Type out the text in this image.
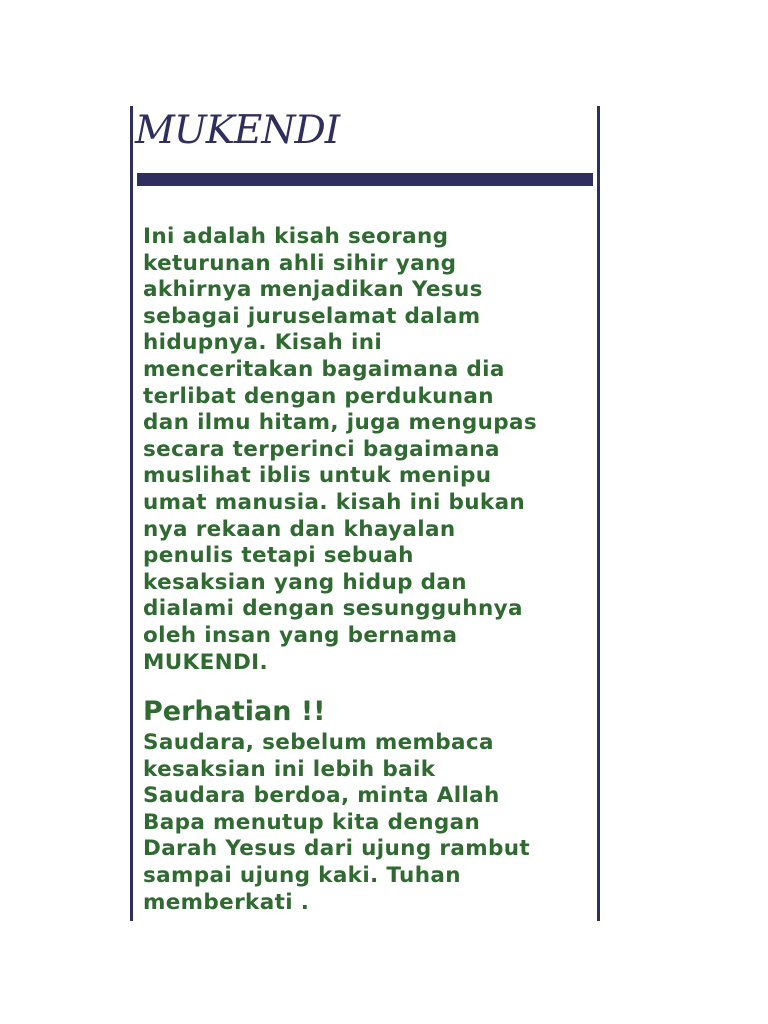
MUKENDI

Ini adalah kisah seorang
keturunan ahli sihir yang
akhirnya menjadikan Yesus
sebagai juruselamat dalam
hidupnya. Kisah ini
menceritakan bagaimana dia
terlibat dengan perdukunan
dan ilmu hitam, juga mengupas
secara terperinci bagaimana
muslihat iblis untuk menipu
umat manusia. kisah ini bukan
nya rekaan dan khayalan
penulis tetapi sebuah
kesaksian yang hidup dan
dialami dengan sesungguhnya
oleh insan yang bernama
MUKENDI.

Perhatian !!

Saudara, sebelum membaca
kesaksian ini lebih baik
Saudara berdoa, minta Allah
Bapa menutup kita dengan
Darah Yesus dari ujung rambut
sampai ujung kaki. Tuhan
memberkati .
